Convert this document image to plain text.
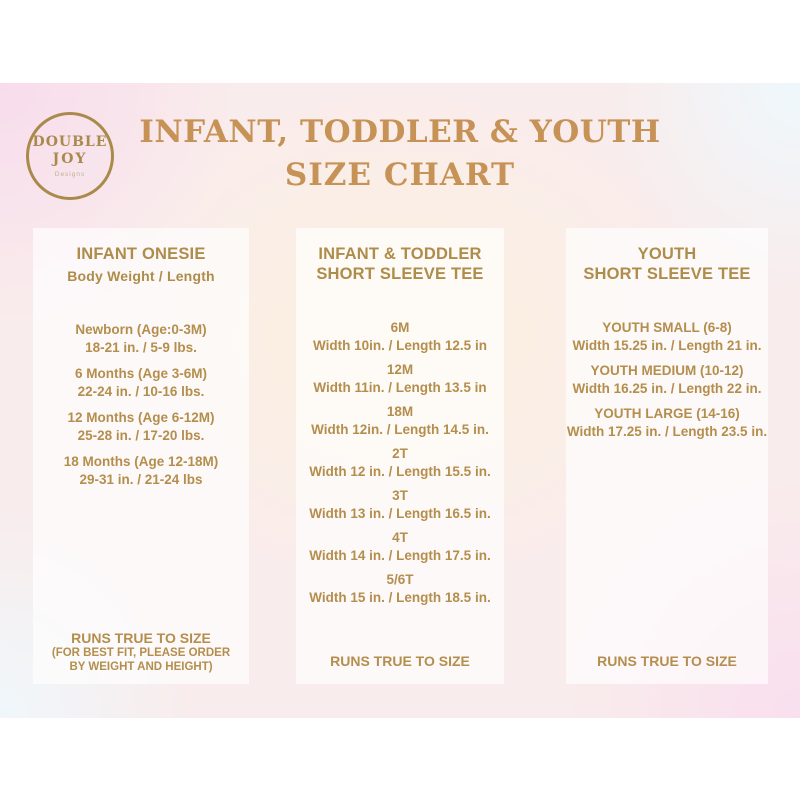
DOUBLE
JOY
Designs
INFANT, TODDLER & YOUTH
SIZE CHART
INFANT ONESIE
Body Weight / Length
Newborn (Age:0-3M)
18-21 in. / 5-9 lbs.
6 Months (Age 3-6M)
22-24 in. / 10-16 lbs.
12 Months (Age 6-12M)
25-28 in. / 17-20 lbs.
18 Months (Age 12-18M)
29-31 in. / 21-24 lbs
RUNS TRUE TO SIZE
(FOR BEST FIT, PLEASE ORDER
BY WEIGHT AND HEIGHT)
INFANT & TODDLER
SHORT SLEEVE TEE
6M
Width 10in. / Length 12.5 in
12M
Width 11in. / Length 13.5 in
18M
Width 12in. / Length 14.5 in.
2T
Width 12 in. / Length 15.5 in.
3T
Width 13 in. / Length 16.5 in.
4T
Width 14 in. / Length 17.5 in.
5/6T
Width 15 in. / Length 18.5 in.
RUNS TRUE TO SIZE
YOUTH
SHORT SLEEVE TEE
YOUTH SMALL (6-8)
Width 15.25 in. / Length 21 in.
YOUTH MEDIUM (10-12)
Width 16.25 in. / Length 22 in.
YOUTH LARGE (14-16)
Width 17.25 in. / Length 23.5 in.
RUNS TRUE TO SIZE
